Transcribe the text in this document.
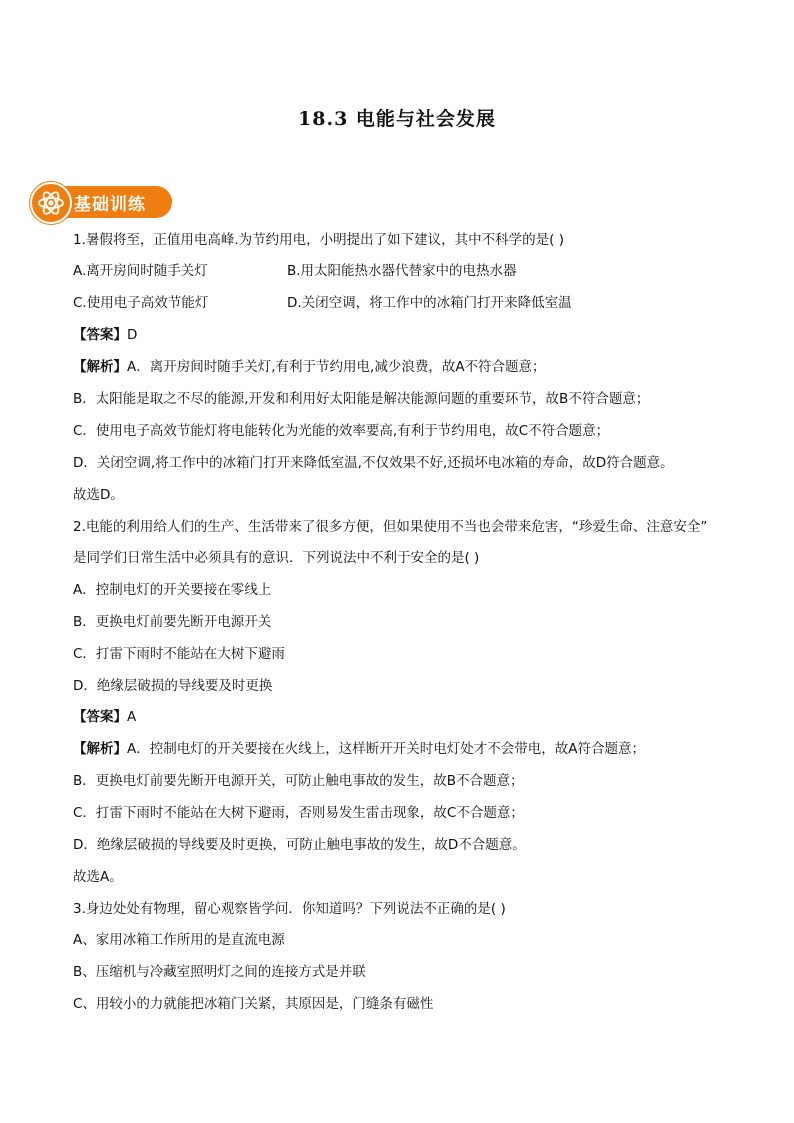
18.3 电能与社会发展
基础训练
1.暑假将至，正值用电高峰.为节约用电，小明提出了如下建议，其中不科学的是( )
A.离开房间时随手关灯	B.用太阳能热水器代替家中的电热水器
C.使用电子高效节能灯	D.关闭空调，将工作中的冰箱门打开来降低室温
【答案】D
【解析】A．离开房间时随手关灯,有利于节约用电,减少浪费，故A不符合题意；
B．太阳能是取之不尽的能源,开发和利用好太阳能是解决能源问题的重要环节，故B不符合题意；
C．使用电子高效节能灯将电能转化为光能的效率要高,有利于节约用电，故C不符合题意；
D．关闭空调,将工作中的冰箱门打开来降低室温,不仅效果不好,还损坏电冰箱的寿命，故D符合题意。
故选D。
2.电能的利用给人们的生产、生活带来了很多方便，但如果使用不当也会带来危害，“珍爱生命、注意安全”
是同学们日常生活中必须具有的意识．下列说法中不利于安全的是( )
A．控制电灯的开关要接在零线上
B．更换电灯前要先断开电源开关
C．打雷下雨时不能站在大树下避雨
D．绝缘层破损的导线要及时更换
【答案】A
【解析】A．控制电灯的开关要接在火线上，这样断开开关时电灯处才不会带电，故A符合题意；
B．更换电灯前要先断开电源开关，可防止触电事故的发生，故B不合题意；
C．打雷下雨时不能站在大树下避雨，否则易发生雷击现象，故C不合题意；
D．绝缘层破损的导线要及时更换，可防止触电事故的发生，故D不合题意。
故选A。
3.身边处处有物理，留心观察皆学问．你知道吗？下列说法不正确的是( )
A、家用冰箱工作所用的是直流电源
B、压缩机与冷藏室照明灯之间的连接方式是并联
C、用较小的力就能把冰箱门关紧，其原因是，门缝条有磁性
